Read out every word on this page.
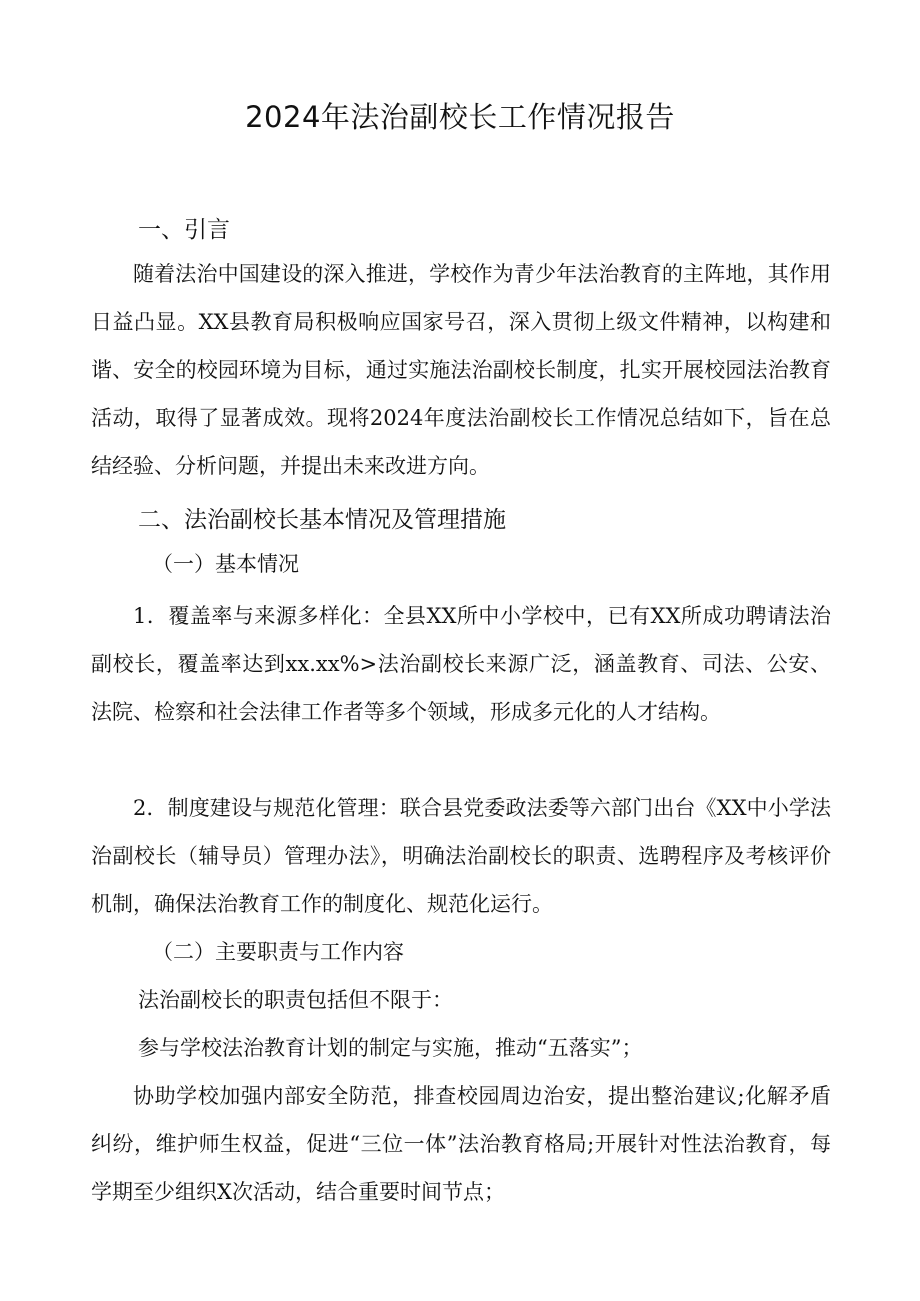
2024年法治副校长工作情况报告
一、引言

随着法治中国建设的深入推进，学校作为青少年法治教育的主阵地，其作用日益凸显。XX县教育局积极响应国家号召，深入贯彻上级文件精神，以构建和谐、安全的校园环境为目标，通过实施法治副校长制度，扎实开展校园法治教育活动，取得了显著成效。现将2024年度法治副校长工作情况总结如下，旨在总结经验、分析问题，并提出未来改进方向。

二、法治副校长基本情况及管理措施
（一）基本情况

1．覆盖率与来源多样化：全县XX所中小学校中，已有XX所成功聘请法治副校长，覆盖率达到xx.xx%>法治副校长来源广泛，涵盖教育、司法、公安、法院、检察和社会法律工作者等多个领域，形成多元化的人才结构。

2．制度建设与规范化管理：联合县党委政法委等六部门出台《XX中小学法治副校长（辅导员）管理办法》，明确法治副校长的职责、选聘程序及考核评价机制，确保法治教育工作的制度化、规范化运行。

（二）主要职责与工作内容

法治副校长的职责包括但不限于：

参与学校法治教育计划的制定与实施，推动“五落实”；

协助学校加强内部安全防范，排查校园周边治安，提出整治建议;化解矛盾纠纷，维护师生权益，促进“三位一体”法治教育格局;开展针对性法治教育，每学期至少组织X次活动，结合重要时间节点；
